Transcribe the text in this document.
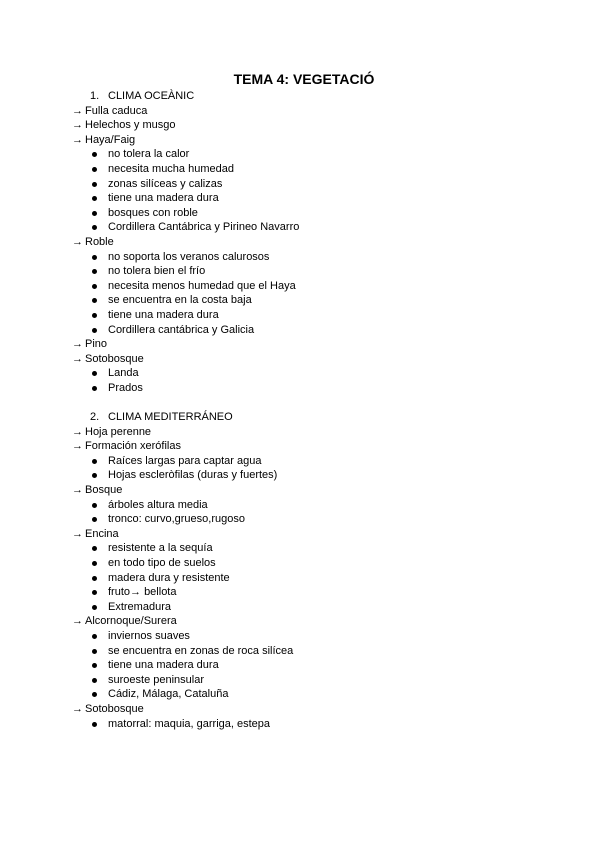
TEMA 4: VEGETACIÓ
1. CLIMA OCEÀNIC
→ Fulla caduca
→ Helechos y musgo
→ Haya/Faig
no tolera la calor
necesita mucha humedad
zonas silíceas y calizas
tiene una madera dura
bosques con roble
Cordillera Cantábrica y Pirineo Navarro
→ Roble
no soporta los veranos calurosos
no tolera bien el frío
necesita menos humedad que el Haya
se encuentra en la costa baja
tiene una madera dura
Cordillera cantábrica y Galicia
→ Pino
→ Sotobosque
Landa
Prados
2. CLIMA MEDITERRÁNEO
→ Hoja perenne
→ Formación xerófilas
Raíces largas para captar agua
Hojas escleròfilas (duras y fuertes)
→ Bosque
árboles altura media
tronco: curvo,grueso,rugoso
→ Encina
resistente a la sequía
en todo tipo de suelos
madera dura y resistente
fruto→ bellota
Extremadura
→ Alcornoque/Surera
inviernos suaves
se encuentra en zonas de roca silícea
tiene una madera dura
suroeste peninsular
Cádiz, Málaga, Cataluña
→ Sotobosque
matorral: maquia, garriga, estepa
